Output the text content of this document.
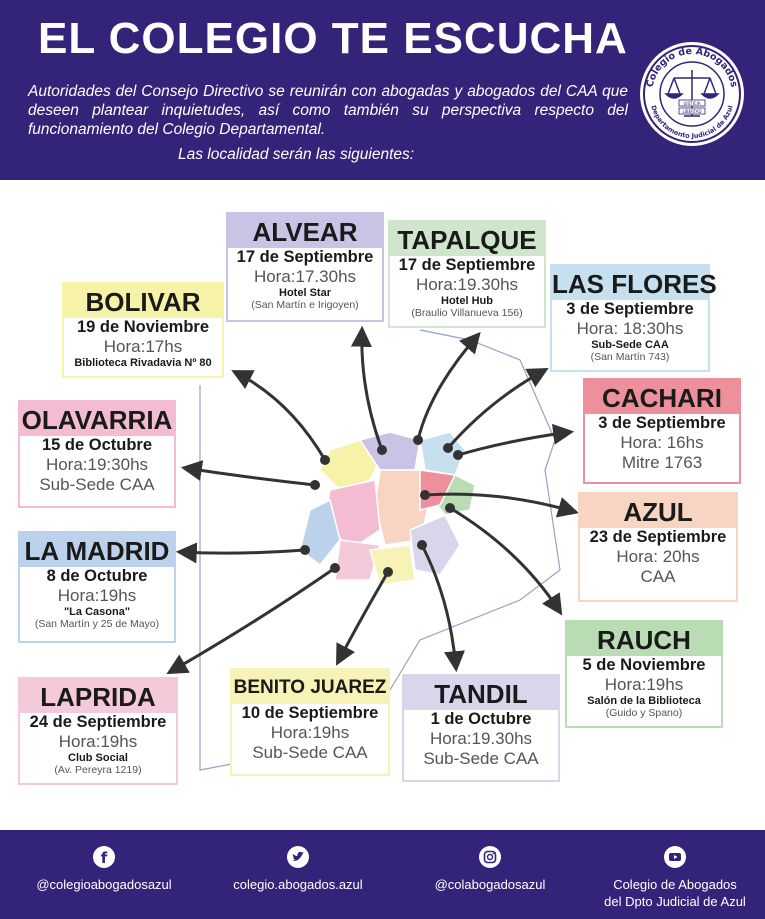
EL COLEGIO TE ESCUCHA
Autoridades del Consejo Directivo se reunirán con abogadas y abogados del CAA que deseen plantear inquietudes, así como también su perspectiva respecto del funcionamiento del Colegio Departamental.
Las localidad serán las siguientes:
Colegio de Abogados
Departamento Judicial de Azul
JUSTICIA
LIBERTAD
ALVEAR
17 de Septiembre
Hora:17.30hs
Hotel Star
(San Martín e Irigoyen)
TAPALQUE
17 de Septiembre
Hora:19.30hs
Hotel Hub
(Braulio Villanueva 156)
LAS FLORES
3 de Septiembre
Hora: 18:30hs
Sub-Sede CAA
(San Martín 743)
BOLIVAR
19 de Noviembre
Hora:17hs
Biblioteca Rivadavia Nº 80
CACHARI
3 de Septiembre
Hora: 16hs
Mitre 1763
OLAVARRIA
15 de Octubre
Hora:19:30hs
Sub-Sede CAA
AZUL
23 de Septiembre
Hora: 20hs
CAA
LA MADRID
8 de Octubre
Hora:19hs
"La Casona"
(San Martín y 25 de Mayo)
RAUCH
5 de Noviembre
Hora:19hs
Salón de la Biblioteca
(Guido y Spano)
LAPRIDA
24 de Septiembre
Hora:19hs
Club Social
(Av. Pereyra 1219)
BENITO JUAREZ
10 de Septiembre
Hora:19hs
Sub-Sede CAA
TANDIL
1 de Octubre
Hora:19.30hs
Sub-Sede CAA
f
@colegioabogadosazul	colegio.abogados.azul	@colabogadosazul	Colegio de Abogados
del Dpto Judicial de Azul
